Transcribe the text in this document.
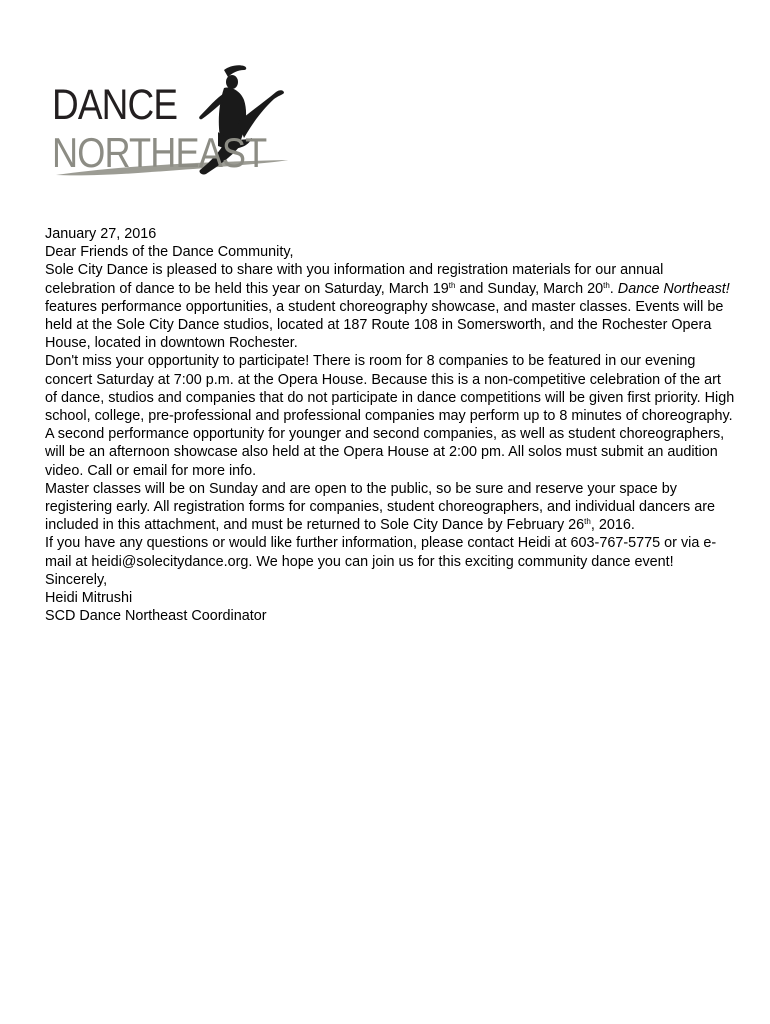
DANCE
NORTHEAST

January 27, 2016

Dear Friends of the Dance Community,

Sole City Dance is pleased to share with you information and registration materials for our annual celebration of dance to be held this year on Saturday, March 19th and Sunday, March 20th. Dance Northeast! features performance opportunities, a student choreography showcase, and master classes. Events will be held at the Sole City Dance studios, located at 187 Route 108 in Somersworth, and the Rochester Opera House, located in downtown Rochester.

Don't miss your opportunity to participate! There is room for 8 companies to be featured in our evening concert Saturday at 7:00 p.m. at the Opera House. Because this is a non-competitive celebration of the art of dance, studios and companies that do not participate in dance competitions will be given first priority. High school, college, pre-professional and professional companies may perform up to 8 minutes of choreography. A second performance opportunity for younger and second companies, as well as student choreographers, will be an afternoon showcase also held at the Opera House at 2:00 pm. All solos must submit an audition video. Call or email for more info.

Master classes will be on Sunday and are open to the public, so be sure and reserve your space by registering early. All registration forms for companies, student choreographers, and individual dancers are included in this attachment, and must be returned to Sole City Dance by February 26th, 2016.

If you have any questions or would like further information, please contact Heidi at 603-767-5775 or via e-mail at heidi@solecitydance.org. We hope you can join us for this exciting community dance event!

Sincerely,

Heidi Mitrushi

SCD Dance Northeast Coordinator
